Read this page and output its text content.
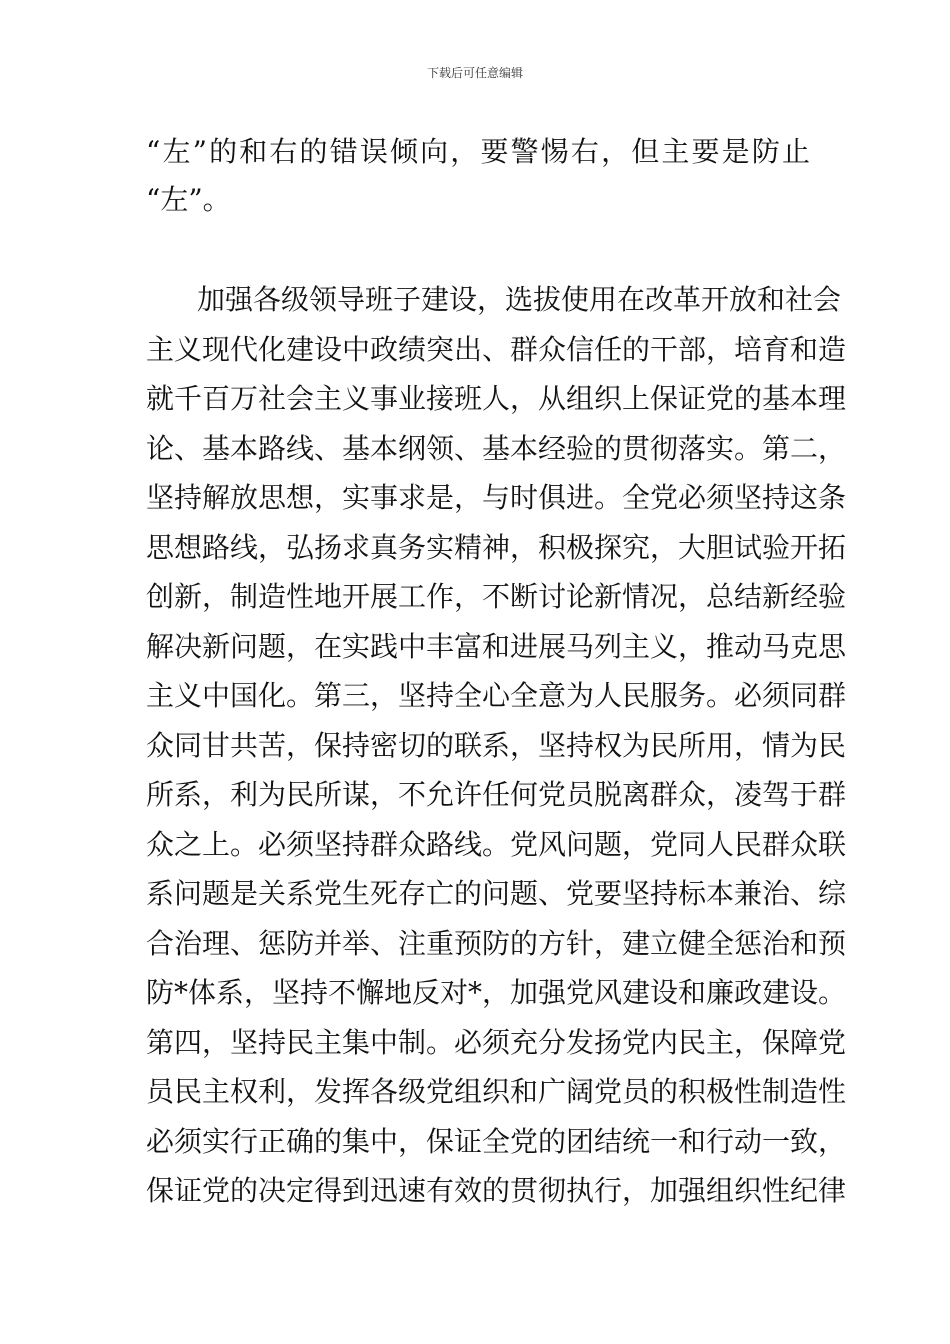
下载后可任意编辑

“左”的和右的错误倾向，要警惕右，但主要是防止

“左”。

加强各级领导班子建设，选拔使用在改革开放和社会

主义现代化建设中政绩突出、群众信任的干部，培育和造

就千百万社会主义事业接班人，从组织上保证党的基本理

论、基本路线、基本纲领、基本经验的贯彻落实。第二，

坚持解放思想，实事求是，与时俱进。全党必须坚持这条

思想路线，弘扬求真务实精神，积极探究，大胆试验开拓

创新，制造性地开展工作，不断讨论新情况，总结新经验

解决新问题，在实践中丰富和进展马列主义，推动马克思

主义中国化。第三，坚持全心全意为人民服务。必须同群

众同甘共苦，保持密切的联系，坚持权为民所用，情为民

所系，利为民所谋，不允许任何党员脱离群众，凌驾于群

众之上。必须坚持群众路线。党风问题，党同人民群众联

系问题是关系党生死存亡的问题、党要坚持标本兼治、综

合治理、惩防并举、注重预防的方针，建立健全惩治和预

防*体系，坚持不懈地反对*，加强党风建设和廉政建设。

第四，坚持民主集中制。必须充分发扬党内民主，保障党

员民主权利，发挥各级党组织和广阔党员的积极性制造性

必须实行正确的集中，保证全党的团结统一和行动一致，

保证党的决定得到迅速有效的贯彻执行，加强组织性纪律
